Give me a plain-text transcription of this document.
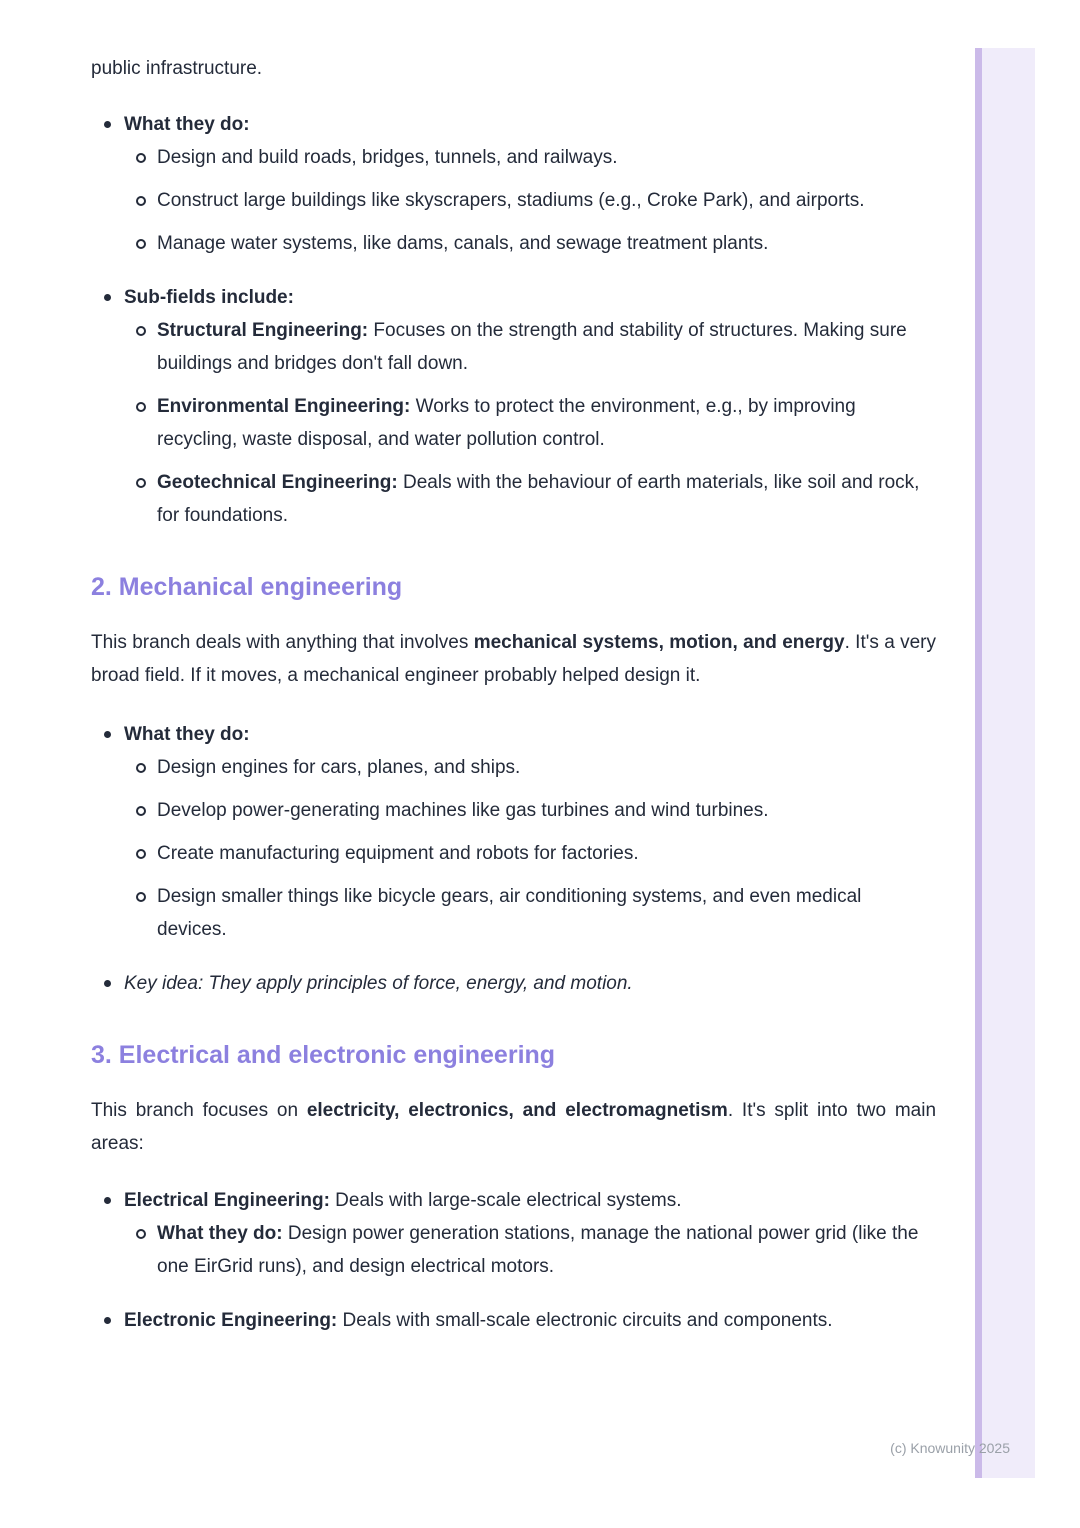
public infrastructure.

What they do:
Design and build roads, bridges, tunnels, and railways.
Construct large buildings like skyscrapers, stadiums (e.g., Croke Park), and airports.
Manage water systems, like dams, canals, and sewage treatment plants.
Sub-fields include:
Structural Engineering: Focuses on the strength and stability of structures. Making sure buildings and bridges don't fall down.
Environmental Engineering: Works to protect the environment, e.g., by improving recycling, waste disposal, and water pollution control.
Geotechnical Engineering: Deals with the behaviour of earth materials, like soil and rock, for foundations.
2. Mechanical engineering

This branch deals with anything that involves mechanical systems, motion, and energy. It's a very broad field. If it moves, a mechanical engineer probably helped design it.

What they do:
Design engines for cars, planes, and ships.
Develop power-generating machines like gas turbines and wind turbines.
Create manufacturing equipment and robots for factories.
Design smaller things like bicycle gears, air conditioning systems, and even medical devices.
Key idea: They apply principles of force, energy, and motion.
3. Electrical and electronic engineering

This branch focuses on electricity, electronics, and electromagnetism. It's split into two main areas:

Electrical Engineering: Deals with large-scale electrical systems.
What they do: Design power generation stations, manage the national power grid (like the one EirGrid runs), and design electrical motors.
Electronic Engineering: Deals with small-scale electronic circuits and components.
(c) Knowunity 2025
